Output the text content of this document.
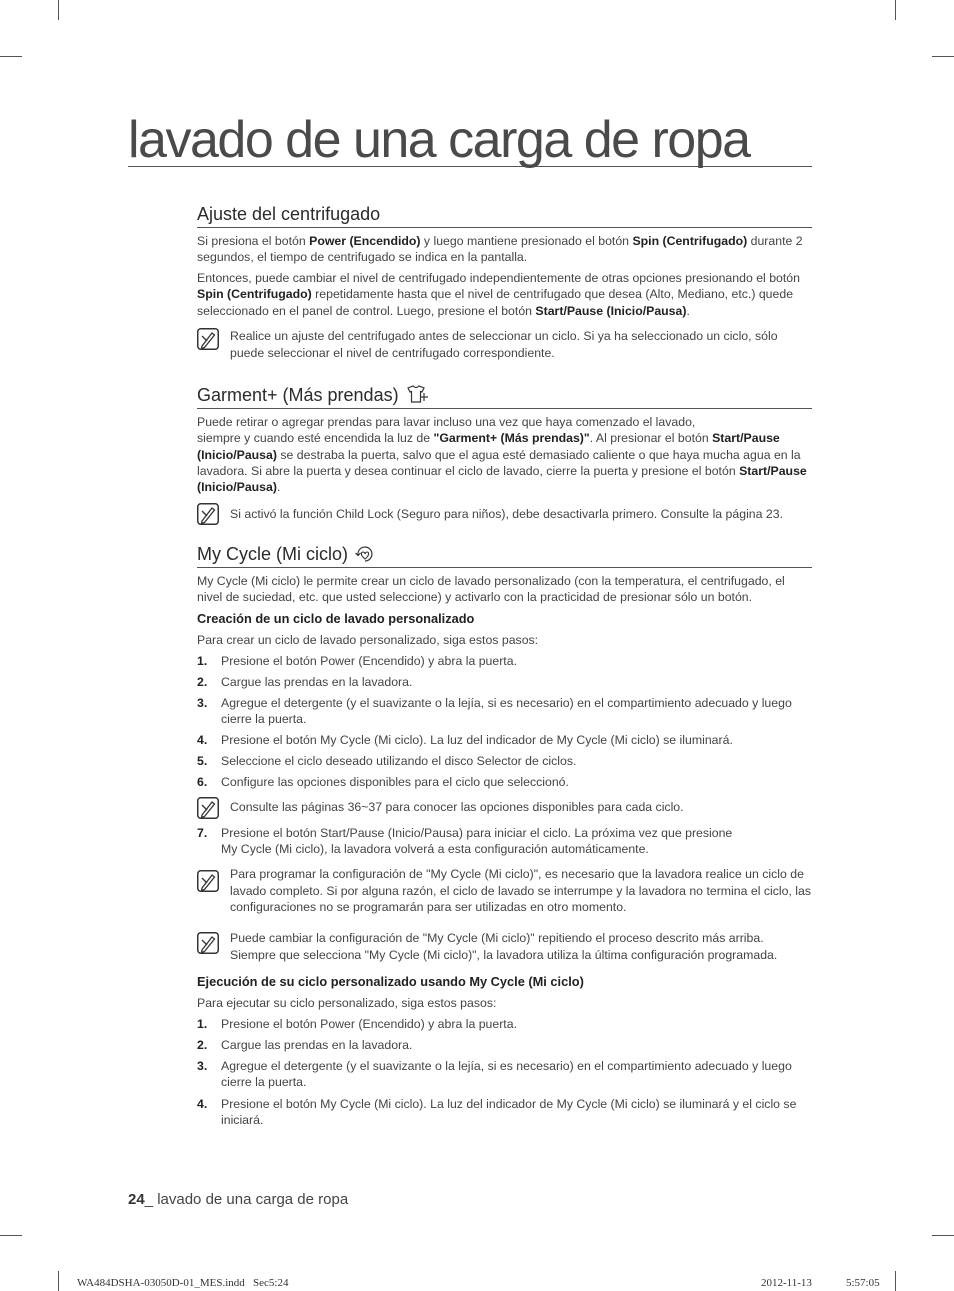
lavado de una carga de ropa
Ajuste del centrifugado
Si presiona el botón Power (Encendido) y luego mantiene presionado el botón Spin (Centrifugado) durante 2 segundos, el tiempo de centrifugado se indica en la pantalla.
Entonces, puede cambiar el nivel de centrifugado independientemente de otras opciones presionando el botón Spin (Centrifugado) repetidamente hasta que el nivel de centrifugado que desea (Alto, Mediano, etc.) quede seleccionado en el panel de control. Luego, presione el botón Start/Pause (Inicio/Pausa).
Realice un ajuste del centrifugado antes de seleccionar un ciclo. Si ya ha seleccionado un ciclo, sólo puede seleccionar el nivel de centrifugado correspondiente.
Garment+ (Más prendas)
Puede retirar o agregar prendas para lavar incluso una vez que haya comenzado el lavado,
siempre y cuando esté encendida la luz de "Garment+ (Más prendas)". Al presionar el botón Start/Pause (Inicio/Pausa) se destraba la puerta, salvo que el agua esté demasiado caliente o que haya mucha agua en la lavadora. Si abre la puerta y desea continuar el ciclo de lavado, cierre la puerta y presione el botón Start/Pause (Inicio/Pausa).
Si activó la función Child Lock (Seguro para niños), debe desactivarla primero. Consulte la página 23.
My Cycle (Mi ciclo)
My Cycle (Mi ciclo) le permite crear un ciclo de lavado personalizado (con la temperatura, el centrifugado, el nivel de suciedad, etc. que usted seleccione) y activarlo con la practicidad de presionar sólo un botón.
Creación de un ciclo de lavado personalizado
Para crear un ciclo de lavado personalizado, siga estos pasos:
1. Presione el botón Power (Encendido) y abra la puerta.
2. Cargue las prendas en la lavadora.
3. Agregue el detergente (y el suavizante o la lejía, si es necesario) en el compartimiento adecuado y luego cierre la puerta.
4. Presione el botón My Cycle (Mi ciclo). La luz del indicador de My Cycle (Mi ciclo) se iluminará.
5. Seleccione el ciclo deseado utilizando el disco Selector de ciclos.
6. Configure las opciones disponibles para el ciclo que seleccionó.
Consulte las páginas 36~37 para conocer las opciones disponibles para cada ciclo.
7. Presione el botón Start/Pause (Inicio/Pausa) para iniciar el ciclo. La próxima vez que presione
My Cycle (Mi ciclo), la lavadora volverá a esta configuración automáticamente.
Para programar la configuración de "My Cycle (Mi ciclo)", es necesario que la lavadora realice un ciclo de lavado completo. Si por alguna razón, el ciclo de lavado se interrumpe y la lavadora no termina el ciclo, las configuraciones no se programarán para ser utilizadas en otro momento.
Puede cambiar la configuración de "My Cycle (Mi ciclo)" repitiendo el proceso descrito más arriba. Siempre que selecciona "My Cycle (Mi ciclo)", la lavadora utiliza la última configuración programada.
Ejecución de su ciclo personalizado usando My Cycle (Mi ciclo)
Para ejecutar su ciclo personalizado, siga estos pasos:
1. Presione el botón Power (Encendido) y abra la puerta.
2. Cargue las prendas en la lavadora.
3. Agregue el detergente (y el suavizante o la lejía, si es necesario) en el compartimiento adecuado y luego cierre la puerta.
4. Presione el botón My Cycle (Mi ciclo). La luz del indicador de My Cycle (Mi ciclo) se iluminará y el ciclo se iniciará.
24_ lavado de una carga de ropa
WA484DSHA-03050D-01_MES.indd   Sec5:24	2012-11-13	5:57:05
